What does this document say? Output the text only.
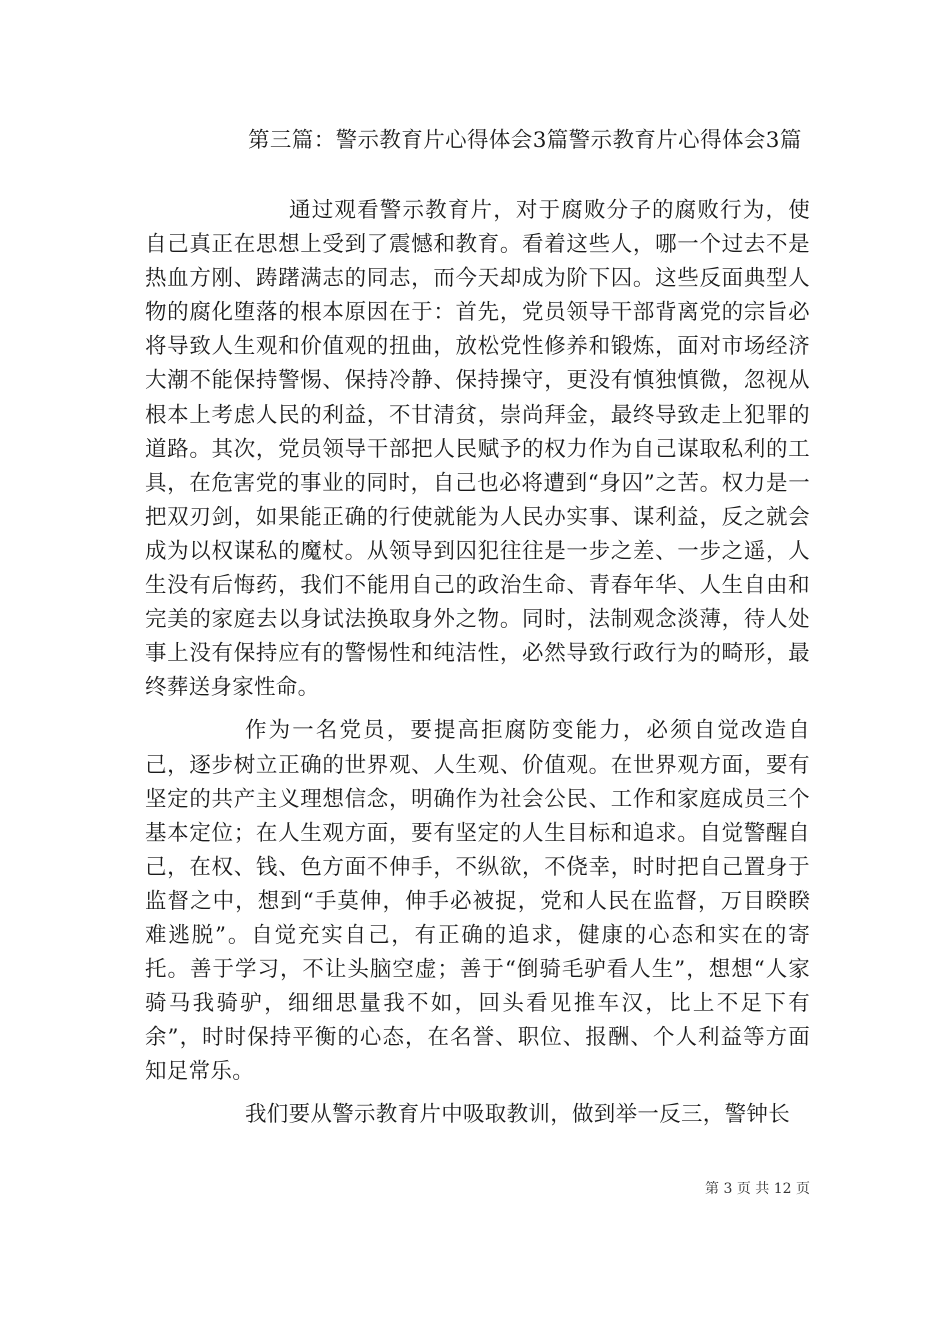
第三篇：警示教育片心得体会3篇警示教育片心得体会3篇

通过观看警示教育片，对于腐败分子的腐败行为，使自己真正在思想上受到了震憾和教育。看着这些人，哪一个过去不是热血方刚、踌躇满志的同志，而今天却成为阶下囚。这些反面典型人物的腐化堕落的根本原因在于：首先，党员领导干部背离党的宗旨必将导致人生观和价值观的扭曲，放松党性修养和锻炼，面对市场经济大潮不能保持警惕、保持冷静、保持操守，更没有慎独慎微，忽视从根本上考虑人民的利益，不甘清贫，崇尚拜金，最终导致走上犯罪的道路。其次，党员领导干部把人民赋予的权力作为自己谋取私利的工具，在危害党的事业的同时，自己也必将遭到“身囚”之苦。权力是一把双刃剑，如果能正确的行使就能为人民办实事、谋利益，反之就会成为以权谋私的魔杖。从领导到囚犯往往是一步之差、一步之遥，人生没有后悔药，我们不能用自己的政治生命、青春年华、人生自由和完美的家庭去以身试法换取身外之物。同时，法制观念淡薄，待人处事上没有保持应有的警惕性和纯洁性，必然导致行政行为的畸形，最终葬送身家性命。

作为一名党员，要提高拒腐防变能力，必须自觉改造自己，逐步树立正确的世界观、人生观、价值观。在世界观方面，要有坚定的共产主义理想信念，明确作为社会公民、工作和家庭成员三个基本定位；在人生观方面，要有坚定的人生目标和追求。自觉警醒自己，在权、钱、色方面不伸手，不纵欲，不侥幸，时时把自己置身于监督之中，想到“手莫伸，伸手必被捉，党和人民在监督，万目睽睽难逃脱”。自觉充实自己，有正确的追求，健康的心态和实在的寄托。善于学习，不让头脑空虚；善于“倒骑毛驴看人生”，想想“人家骑马我骑驴，细细思量我不如，回头看见推车汉，比上不足下有余”，时时保持平衡的心态，在名誉、职位、报酬、个人利益等方面知足常乐。

我们要从警示教育片中吸取教训，做到举一反三，警钟长

第 3 页 共 12 页
